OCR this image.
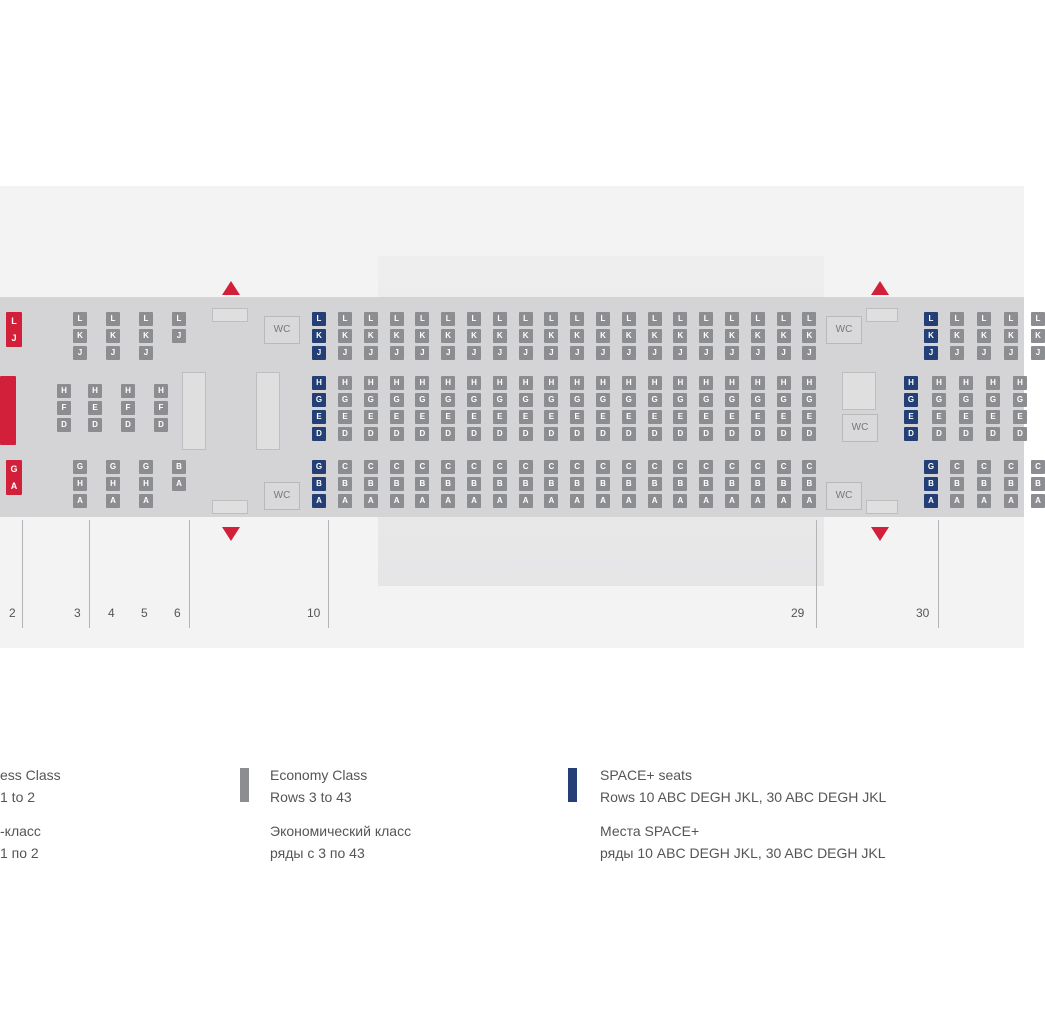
WC
WC
WC
WC
WC
L
J
G
A
L
K
J
H
F
D
G
H
A
L
K
J
H
E
D
G
H
A
L
K
J
H
F
D
G
H
A
L
J
H
F
D
B
A
L
K
J
H
G
E
D
G
B
A
L
K
J
H
G
E
D
C
B
A
L
K
J
H
G
E
D
C
B
A
L
K
J
H
G
E
D
C
B
A
L
K
J
H
G
E
D
C
B
A
L
K
J
H
G
E
D
C
B
A
L
K
J
H
G
E
D
C
B
A
L
K
J
H
G
E
D
C
B
A
L
K
J
H
G
E
D
C
B
A
L
K
J
H
G
E
D
C
B
A
L
K
J
H
G
E
D
C
B
A
L
K
J
H
G
E
D
C
B
A
L
K
J
H
G
E
D
C
B
A
L
K
J
H
G
E
D
C
B
A
L
K
J
H
G
E
D
C
B
A
L
K
J
H
G
E
D
C
B
A
L
K
J
H
G
E
D
C
B
A
L
K
J
H
G
E
D
C
B
A
L
K
J
H
G
E
D
C
B
A
L
K
J
H
G
E
D
C
B
A
L
K
J
H
G
E
D
G
B
A
L
K
J
H
G
E
D
C
B
A
L
K
J
H
G
E
D
C
B
A
L
K
J
H
G
E
D
C
B
A
L
K
J
H
G
E
D
C
B
A
2	3 4 5 6	10	29	30
ess Class
1 to 2
-класс
1 по 2
Economy Class
Rows 3 to 43
Экономический класс
ряды с 3 по 43
SPACE+ seats
Rows 10 ABC DEGH JKL, 30 ABC DEGH JKL
Места SPACE+
ряды 10 ABC DEGH JKL, 30 ABC DEGH JKL
